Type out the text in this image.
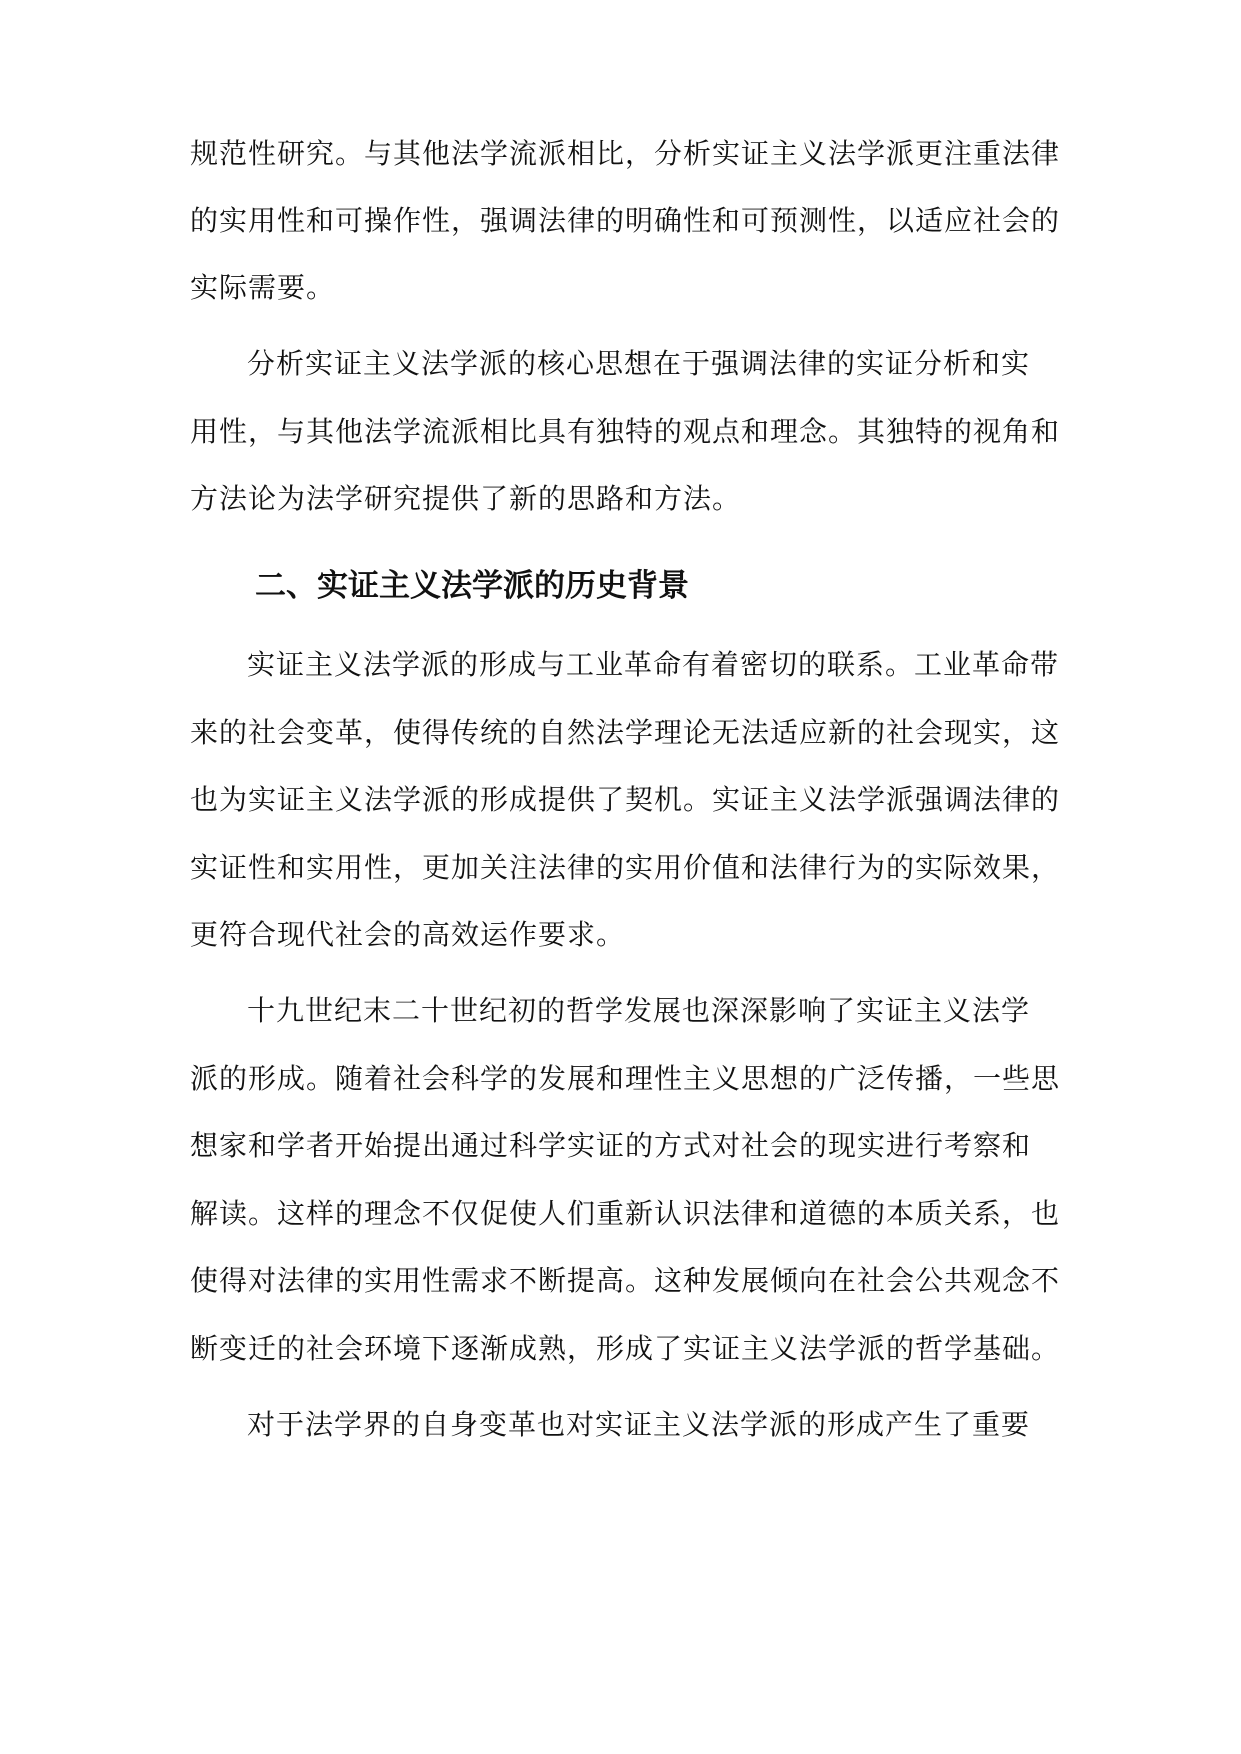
规范性研究。与其他法学流派相比，分析实证主义法学派更注重法律
的实用性和可操作性，强调法律的明确性和可预测性，以适应社会的
实际需要。
分析实证主义法学派的核心思想在于强调法律的实证分析和实
用性，与其他法学流派相比具有独特的观点和理念。其独特的视角和
方法论为法学研究提供了新的思路和方法。
二、实证主义法学派的历史背景
实证主义法学派的形成与工业革命有着密切的联系。工业革命带
来的社会变革，使得传统的自然法学理论无法适应新的社会现实，这
也为实证主义法学派的形成提供了契机。实证主义法学派强调法律的
实证性和实用性，更加关注法律的实用价值和法律行为的实际效果，
更符合现代社会的高效运作要求。
十九世纪末二十世纪初的哲学发展也深深影响了实证主义法学
派的形成。随着社会科学的发展和理性主义思想的广泛传播，一些思
想家和学者开始提出通过科学实证的方式对社会的现实进行考察和
解读。这样的理念不仅促使人们重新认识法律和道德的本质关系，也
使得对法律的实用性需求不断提高。这种发展倾向在社会公共观念不
断变迁的社会环境下逐渐成熟，形成了实证主义法学派的哲学基础。
对于法学界的自身变革也对实证主义法学派的形成产生了重要
